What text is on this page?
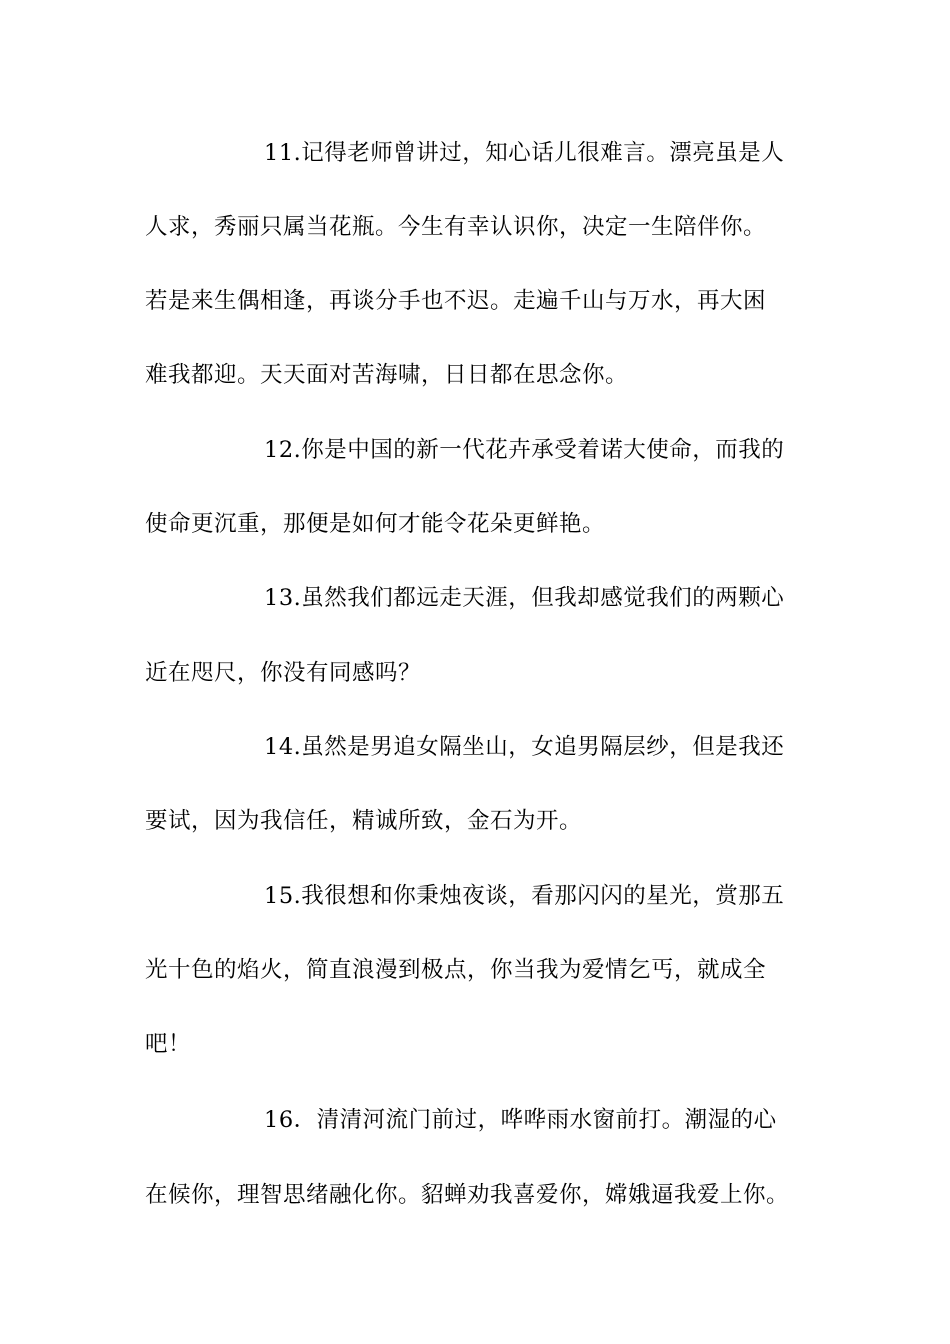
11.记得老师曾讲过，知心话儿很难言。漂亮虽是人
人求，秀丽只属当花瓶。今生有幸认识你，决定一生陪伴你。
若是来生偶相逢，再谈分手也不迟。走遍千山与万水，再大困
难我都迎。天天面对苦海啸，日日都在思念你。
12.你是中国的新一代花卉承受着诺大使命，而我的
使命更沉重，那便是如何才能令花朵更鲜艳。
13.虽然我们都远走天涯，但我却感觉我们的两颗心
近在咫尺，你没有同感吗？
14.虽然是男追女隔坐山，女追男隔层纱，但是我还
要试，因为我信任，精诚所致，金石为开。
15.我很想和你秉烛夜谈，看那闪闪的星光，赏那五
光十色的焰火，简直浪漫到极点，你当我为爱情乞丐，就成全
吧！
16．清清河流门前过，哗哗雨水窗前打。潮湿的心
在候你，理智思绪融化你。貂蝉劝我喜爱你，嫦娥逼我爱上你。
